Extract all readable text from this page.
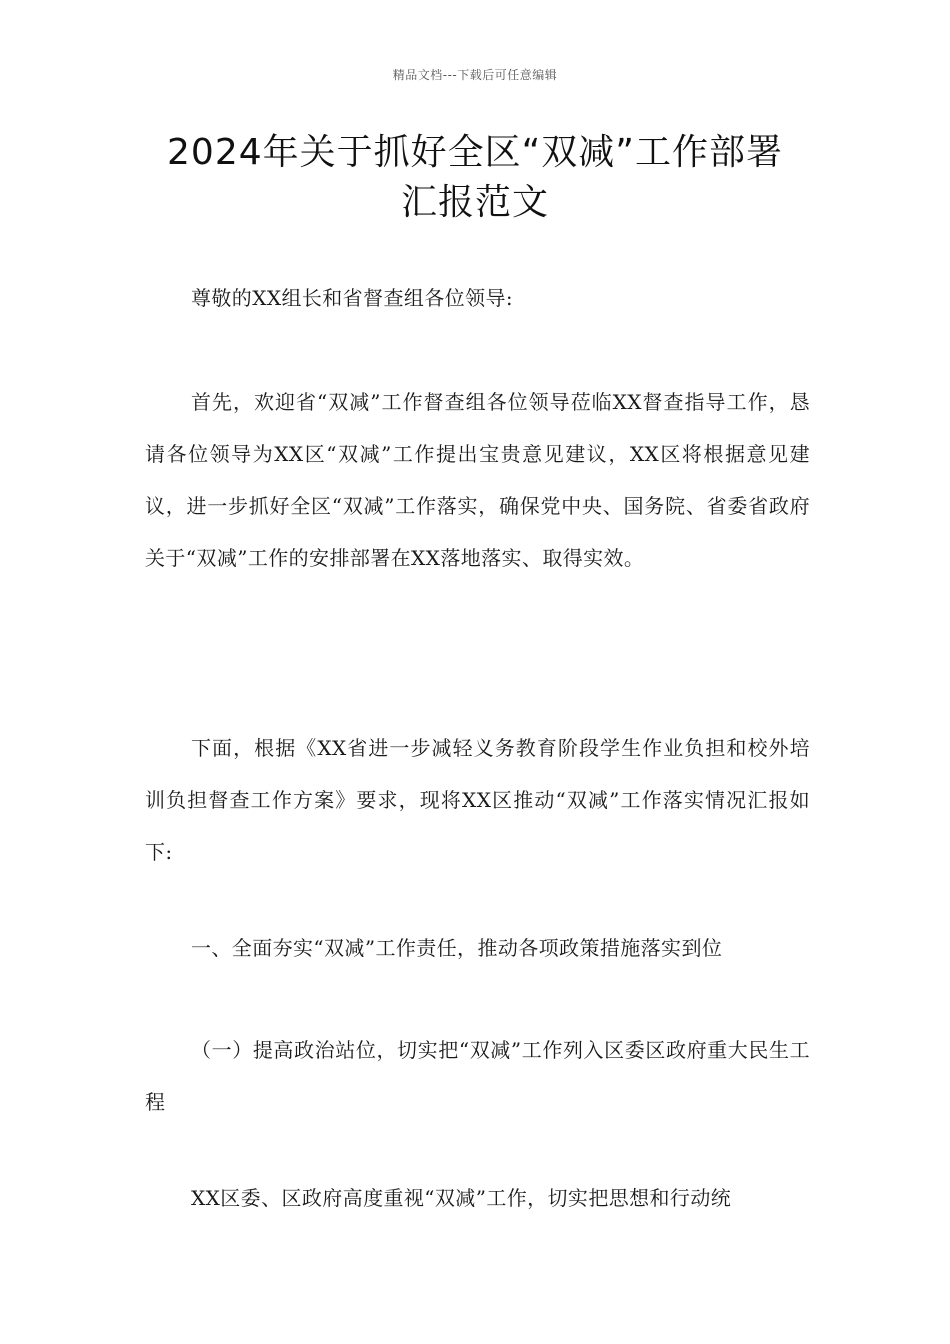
精品文档---下载后可任意编辑
2024年关于抓好全区“双减”工作部署
汇报范文

尊敬的XX组长和省督查组各位领导:

首先，欢迎省“双减”工作督查组各位领导莅临XX督查指导工作，恳请各位领导为XX区“双减”工作提出宝贵意见建议，XX区将根据意见建议，进一步抓好全区“双减”工作落实，确保党中央、国务院、省委省政府关于“双减”工作的安排部署在XX落地落实、取得实效。

下面，根据《XX省进一步减轻义务教育阶段学生作业负担和校外培训负担督查工作方案》要求，现将XX区推动“双减”工作落实情况汇报如下:

一、全面夯实“双减”工作责任，推动各项政策措施落实到位

（一）提高政治站位，切实把“双减”工作列入区委区政府重大民生工程

XX区委、区政府高度重视“双减”工作，切实把思想和行动统
